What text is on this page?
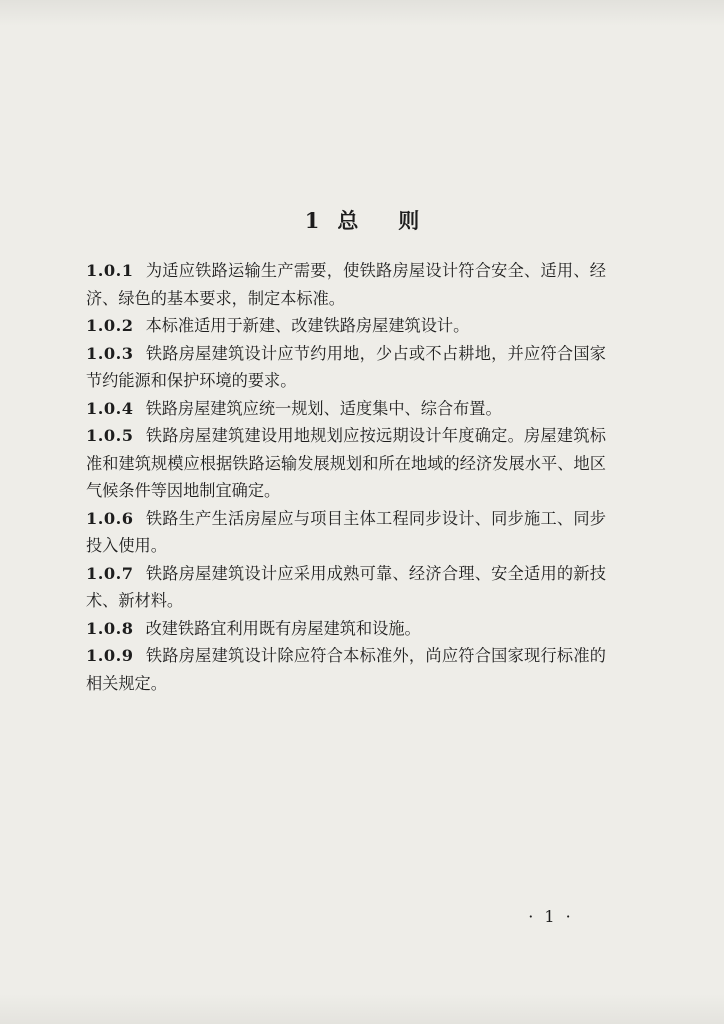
1 总则

1.0.1 为适应铁路运输生产需要，使铁路房屋设计符合安全、适用、经济、绿色的基本要求，制定本标准。

1.0.2 本标准适用于新建、改建铁路房屋建筑设计。

1.0.3 铁路房屋建筑设计应节约用地，少占或不占耕地，并应符合国家节约能源和保护环境的要求。

1.0.4 铁路房屋建筑应统一规划、适度集中、综合布置。

1.0.5 铁路房屋建筑建设用地规划应按远期设计年度确定。房屋建筑标准和建筑规模应根据铁路运输发展规划和所在地域的经济发展水平、地区气候条件等因地制宜确定。

1.0.6 铁路生产生活房屋应与项目主体工程同步设计、同步施工、同步投入使用。

1.0.7 铁路房屋建筑设计应采用成熟可靠、经济合理、安全适用的新技术、新材料。

1.0.8 改建铁路宜利用既有房屋建筑和设施。

1.0.9 铁路房屋建筑设计除应符合本标准外，尚应符合国家现行标准的相关规定。

· 1 ·
